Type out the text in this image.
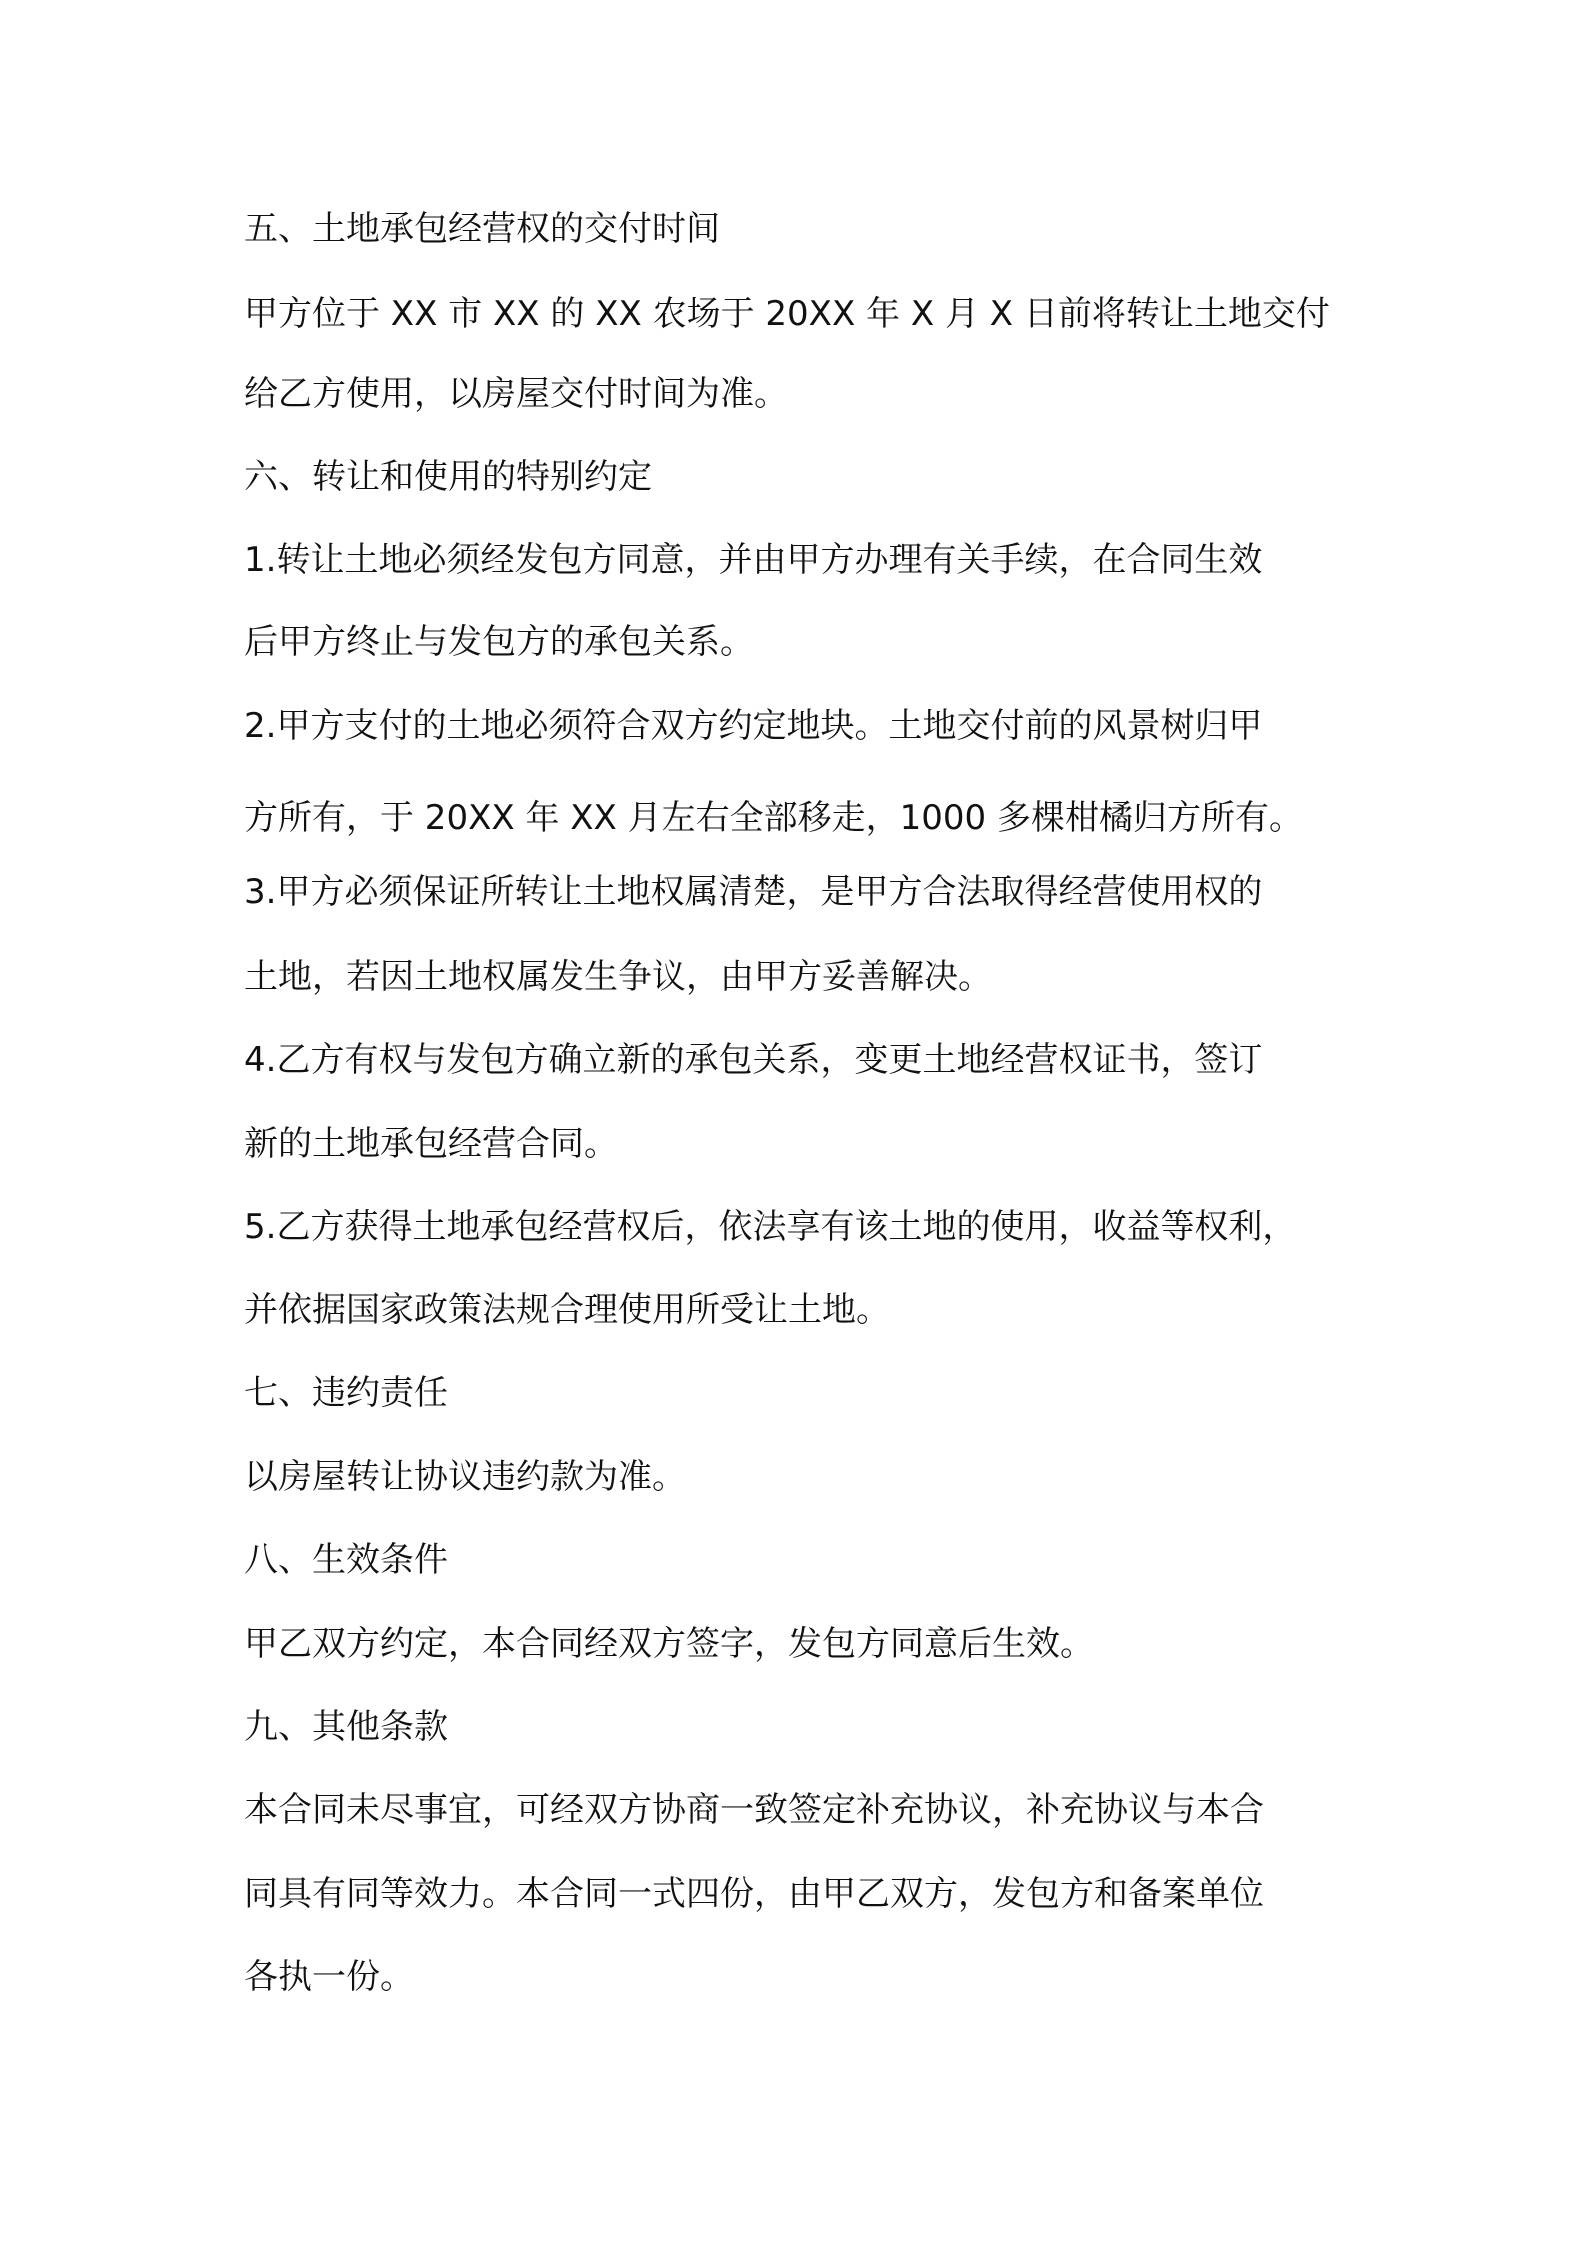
五、土地承包经营权的交付时间

甲方位于 XX 市 XX 的 XX 农场于 20XX 年 X 月 X 日前将转让土地交付

给乙方使用，以房屋交付时间为准。

六、转让和使用的特别约定

1.转让土地必须经发包方同意，并由甲方办理有关手续，在合同生效

后甲方终止与发包方的承包关系。

2.甲方支付的土地必须符合双方约定地块。土地交付前的风景树归甲

方所有，于 20XX 年 XX 月左右全部移走，1000 多棵柑橘归方所有。

3.甲方必须保证所转让土地权属清楚，是甲方合法取得经营使用权的

土地，若因土地权属发生争议，由甲方妥善解决。

4.乙方有权与发包方确立新的承包关系，变更土地经营权证书，签订

新的土地承包经营合同。

5.乙方获得土地承包经营权后，依法享有该土地的使用，收益等权利，

并依据国家政策法规合理使用所受让土地。

七、违约责任

以房屋转让协议违约款为准。

八、生效条件

甲乙双方约定，本合同经双方签字，发包方同意后生效。

九、其他条款

本合同未尽事宜，可经双方协商一致签定补充协议，补充协议与本合

同具有同等效力。本合同一式四份，由甲乙双方，发包方和备案单位

各执一份。
